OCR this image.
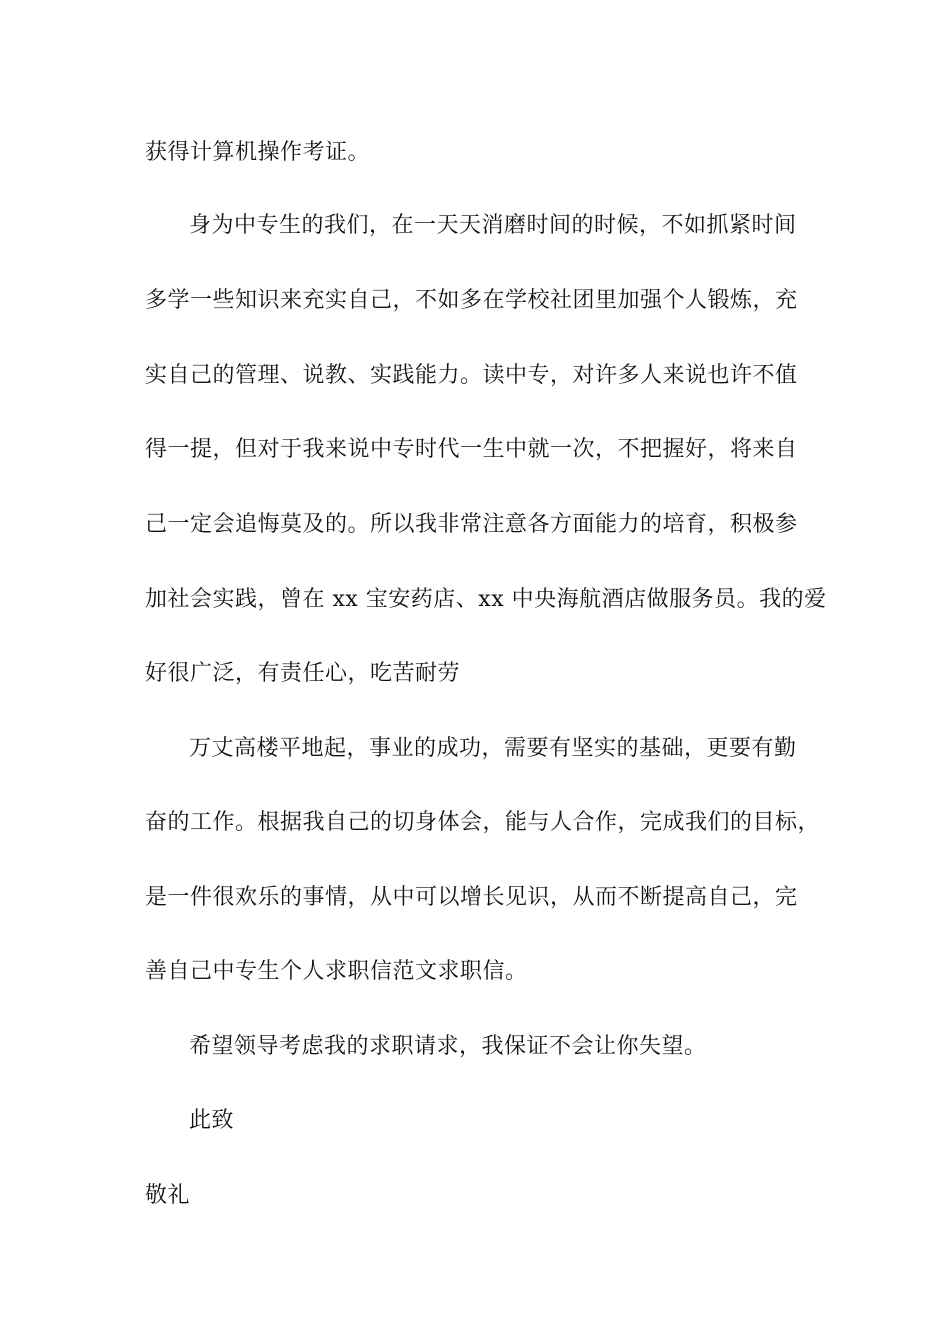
获得计算机操作考证。
身为中专生的我们，在一天天消磨时间的时候，不如抓紧时间
多学一些知识来充实自己，不如多在学校社团里加强个人锻炼，充
实自己的管理、说教、实践能力。读中专，对许多人来说也许不值
得一提，但对于我来说中专时代一生中就一次，不把握好，将来自
己一定会追悔莫及的。所以我非常注意各方面能力的培育，积极参
加社会实践，曾在 xx 宝安药店、xx 中央海航酒店做服务员。我的爱
好很广泛，有责任心，吃苦耐劳
万丈高楼平地起，事业的成功，需要有坚实的基础，更要有勤
奋的工作。根据我自己的切身体会，能与人合作，完成我们的目标，
是一件很欢乐的事情，从中可以增长见识，从而不断提高自己，完
善自己中专生个人求职信范文求职信。
希望领导考虑我的求职请求，我保证不会让你失望。
此致
敬礼
